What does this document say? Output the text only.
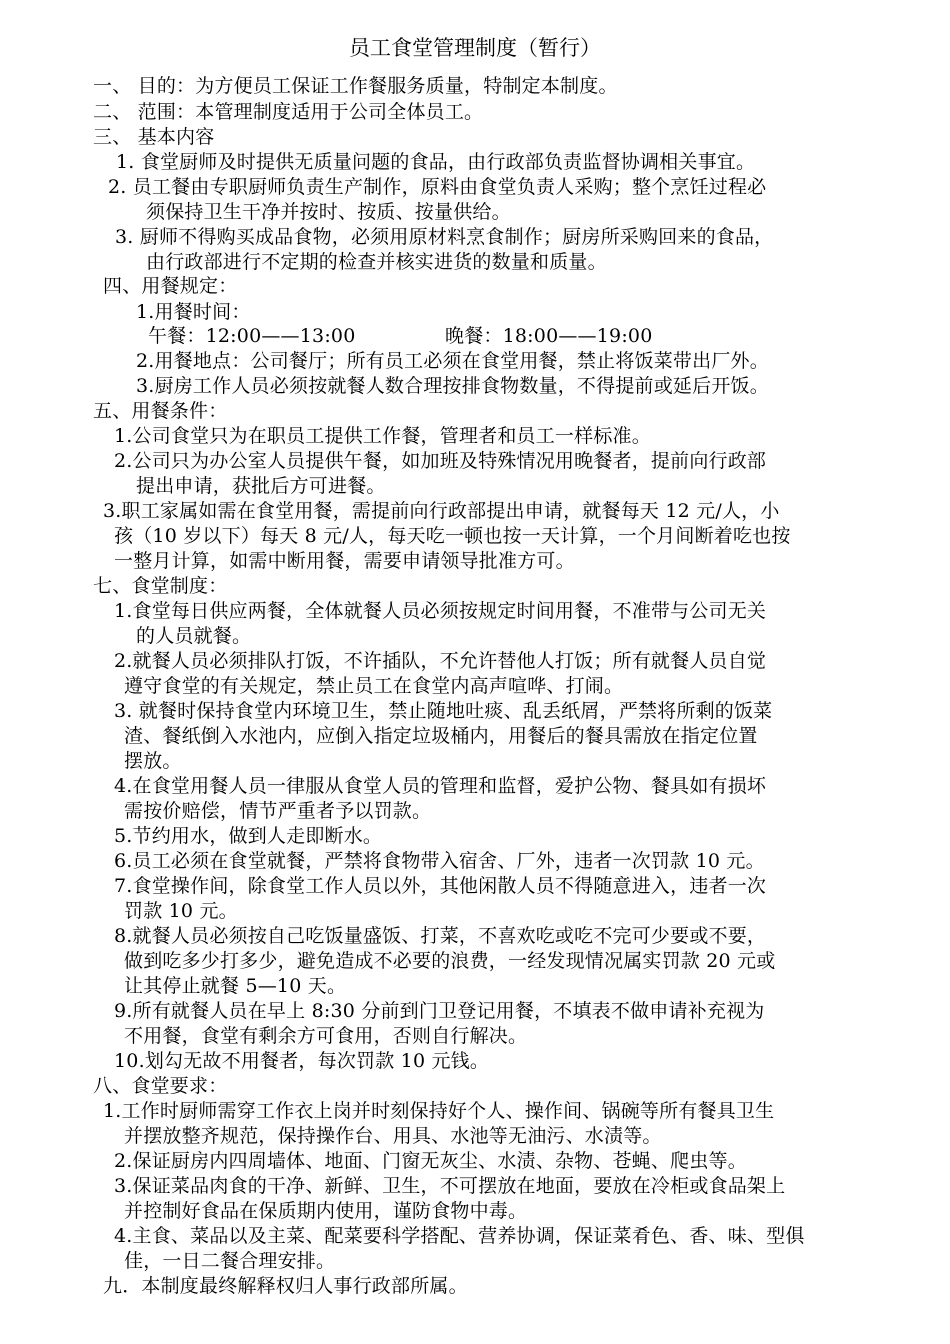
员工食堂管理制度（暂行）
一、 目的：为方便员工保证工作餐服务质量，特制定本制度。
二、 范围：本管理制度适用于公司全体员工。
三、 基本内容
1. 食堂厨师及时提供无质量问题的食品，由行政部负责监督协调相关事宜。
2. 员工餐由专职厨师负责生产制作，原料由食堂负责人采购；整个烹饪过程必
须保持卫生干净并按时、按质、按量供给。
3. 厨师不得购买成品食物，必须用原材料烹食制作；厨房所采购回来的食品，
由行政部进行不定期的检查并核实进货的数量和质量。
四、用餐规定：
1.用餐时间：
午餐：12:00——13:00	晚餐：18:00——19:00
2.用餐地点：公司餐厅；所有员工必须在食堂用餐，禁止将饭菜带出厂外。
3.厨房工作人员必须按就餐人数合理按排食物数量，不得提前或延后开饭。
五、用餐条件：
1.公司食堂只为在职员工提供工作餐，管理者和员工一样标准。
2.公司只为办公室人员提供午餐，如加班及特殊情况用晚餐者，提前向行政部
提出申请，获批后方可进餐。
3.职工家属如需在食堂用餐，需提前向行政部提出申请，就餐每天 12 元/人，小
孩（10 岁以下）每天 8 元/人，每天吃一顿也按一天计算，一个月间断着吃也按
一整月计算，如需中断用餐，需要申请领导批准方可。
七、食堂制度：
1.食堂每日供应两餐，全体就餐人员必须按规定时间用餐，不准带与公司无关
的人员就餐。
2.就餐人员必须排队打饭，不许插队，不允许替他人打饭；所有就餐人员自觉
遵守食堂的有关规定，禁止员工在食堂内高声喧哗、打闹。
3. 就餐时保持食堂内环境卫生，禁止随地吐痰、乱丢纸屑，严禁将所剩的饭菜
渣、餐纸倒入水池内，应倒入指定垃圾桶内，用餐后的餐具需放在指定位置
摆放。
4.在食堂用餐人员一律服从食堂人员的管理和监督，爱护公物、餐具如有损坏
需按价赔偿，情节严重者予以罚款。
5.节约用水，做到人走即断水。
6.员工必须在食堂就餐，严禁将食物带入宿舍、厂外，违者一次罚款 10 元。
7.食堂操作间，除食堂工作人员以外，其他闲散人员不得随意进入，违者一次
罚款 10 元。
8.就餐人员必须按自己吃饭量盛饭、打菜，不喜欢吃或吃不完可少要或不要，
做到吃多少打多少，避免造成不必要的浪费，一经发现情况属实罚款 20 元或
让其停止就餐 5—10 天。
9.所有就餐人员在早上 8:30 分前到门卫登记用餐，不填表不做申请补充视为
不用餐，食堂有剩余方可食用，否则自行解决。
10.划勾无故不用餐者，每次罚款 10 元钱。
八、食堂要求：
1.工作时厨师需穿工作衣上岗并时刻保持好个人、操作间、锅碗等所有餐具卫生
并摆放整齐规范，保持操作台、用具、水池等无油污、水渍等。
2.保证厨房内四周墙体、地面、门窗无灰尘、水渍、杂物、苍蝇、爬虫等。
3.保证菜品肉食的干净、新鲜、卫生，不可摆放在地面，要放在冷柜或食品架上
并控制好食品在保质期内使用，谨防食物中毒。
4.主食、菜品以及主菜、配菜要科学搭配、营养协调，保证菜肴色、香、味、型俱
佳，一日二餐合理安排。
九．本制度最终解释权归人事行政部所属。
